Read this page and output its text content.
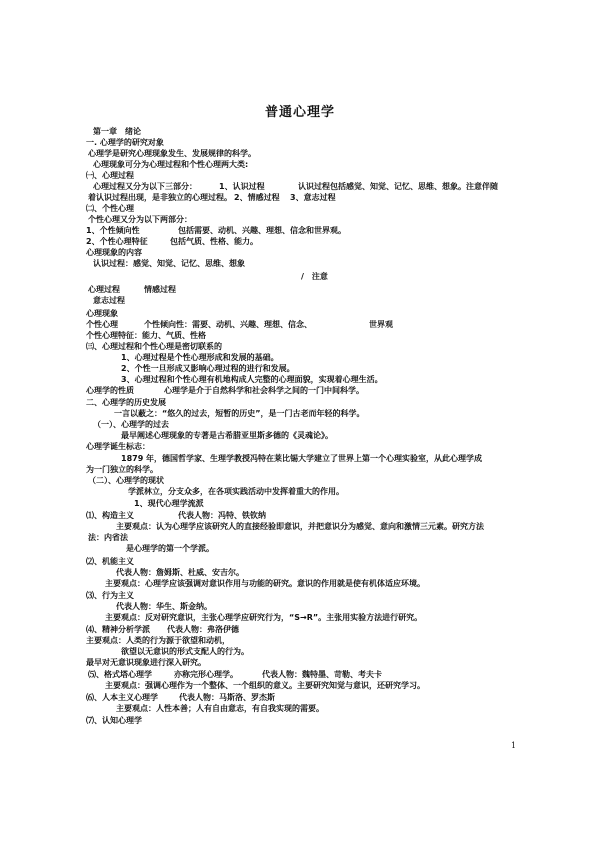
普通心理学
第一章　绪论
一. 心理学的研究对象
心理学是研究心理现象发生、发展规律的科学。
心理现象可分为心理过程和个性心理两大类:
㈠、心理过程
心理过程又分为以下三部分：	1、认识过程	认识过程包括感觉、知觉、记忆、思维、想象。注意伴随
着认识过程出现，是非独立的心理过程。 2、情感过程 3、意志过程
㈡、个性心理
个性心理又分为以下两部分：
1、个性倾向性	包括需要、动机、兴趣、理想、信念和世界观。
2、个性心理特征	包括气质、性格、能力。
心理现象的内容
认识过程：感觉、知觉、记忆、思维、想象
/　注意
心理过程	情感过程
意志过程
心理现象
个性心理	个性倾向性：需要、动机、兴趣、理想、信念、	世界观
个性心理特征：能力、气质、性格
㈢、心理过程和个性心理是密切联系的
1、心理过程是个性心理形成和发展的基础。
2、个性一旦形成又影响心理过程的进行和发展。
3、心理过程和个性心理有机地构成人完整的心理面貌，实现着心理生活。
心理学的性质	心理学是介于自然科学和社会科学之间的一门中间科学。
二、心理学的历史发展
一言以蔽之：“悠久的过去，短暂的历史”，是一门古老而年轻的科学。
（一）、心理学的过去
最早阐述心理现象的专著是古希腊亚里斯多德的《灵魂论》。
心理学诞生标志：
1879 年，德国哲学家、生理学教授冯特在莱比锡大学建立了世界上第一个心理实验室，从此心理学成
为一门独立的科学。
（二）、心理学的现状
学派林立，分支众多，在各项实践活动中发挥着重大的作用。
1、现代心理学流派
⑴、构造主义	代表人物：冯特、铁钦纳
主要观点：认为心理学应该研究人的直接经验即意识，并把意识分为感觉、意向和激情三元素。研究方法
法：内省法
是心理学的第一个学派。
⑵、机能主义
代表人物：詹姆斯、杜威、安吉尔。
主要观点：心理学应该强调对意识作用与功能的研究。意识的作用就是使有机体适应环境。
⑶、行为主义
代表人物：华生、斯金纳。
主要观点：反对研究意识，主张心理学应研究行为，“S→R”。主张用实验方法进行研究。
⑷、精神分析学派 代表人物：弗洛伊德
主要观点：人类的行为源于欲望和动机，
欲望以无意识的形式支配人的行为。
最早对无意识现象进行深入研究。
⑸、格式塔心理学	亦称完形心理学。	代表人物：魏特墨、苛勒、考夫卡
主要观点：强调心理作为一个整体、一个组织的意义。主要研究知觉与意识，还研究学习。
⑹、人本主义心理学	代表人物：马斯洛、罗杰斯
主要观点：人性本善；人有自由意志，有自我实现的需要。
⑺、认知心理学
1
